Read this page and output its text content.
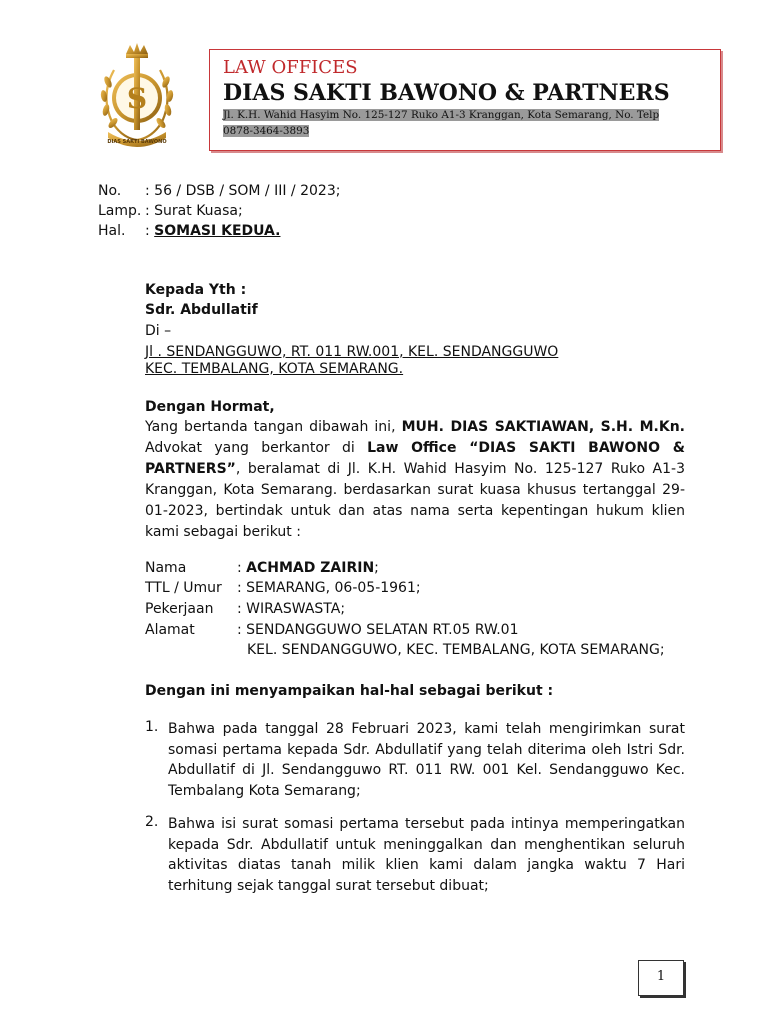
S
DIAS SAKTI BAWONO
LAW OFFICES
DIAS SAKTI BAWONO & PARTNERS
Jl. K.H. Wahid Hasyim No. 125-127 Ruko A1-3 Kranggan, Kota Semarang, No. Telp
0878-3464-3893
No. : 56 / DSB / SOM / III / 2023;
Lamp. : Surat Kuasa;
Hal. : SOMASI KEDUA.
Kepada Yth :
Sdr. Abdullatif
Di –
Jl . SENDANGGUWO, RT. 011 RW.001, KEL. SENDANGGUWO
KEC. TEMBALANG, KOTA SEMARANG.
Dengan Hormat,
Yang bertanda tangan dibawah ini, MUH. DIAS SAKTIAWAN, S.H. M.Kn. Advokat yang berkantor di Law Office “DIAS SAKTI BAWONO & PARTNERS”, beralamat di Jl. K.H. Wahid Hasyim No. 125-127 Ruko A1-3 Kranggan, Kota Semarang. berdasarkan surat kuasa khusus tertanggal 29-01-2023, bertindak untuk dan atas nama serta kepentingan hukum klien kami sebagai berikut :
Nama	: ACHMAD ZAIRIN;
TTL / Umur : SEMARANG, 06-05-1961;
Pekerjaan : WIRASWASTA;
Alamat	: SENDANGGUWO SELATAN RT.05 RW.01
KEL. SENDANGGUWO, KEC. TEMBALANG, KOTA SEMARANG;
Dengan ini menyampaikan hal-hal sebagai berikut :
1. Bahwa pada tanggal 28 Februari 2023, kami telah mengirimkan surat somasi pertama kepada Sdr. Abdullatif yang telah diterima oleh Istri Sdr. Abdullatif di Jl. Sendangguwo RT. 011 RW. 001 Kel. Sendangguwo Kec. Tembalang Kota Semarang;
2. Bahwa isi surat somasi pertama tersebut pada intinya memperingatkan kepada Sdr. Abdullatif untuk meninggalkan dan menghentikan seluruh aktivitas diatas tanah milik klien kami dalam jangka waktu 7 Hari terhitung sejak tanggal surat tersebut dibuat;
1
